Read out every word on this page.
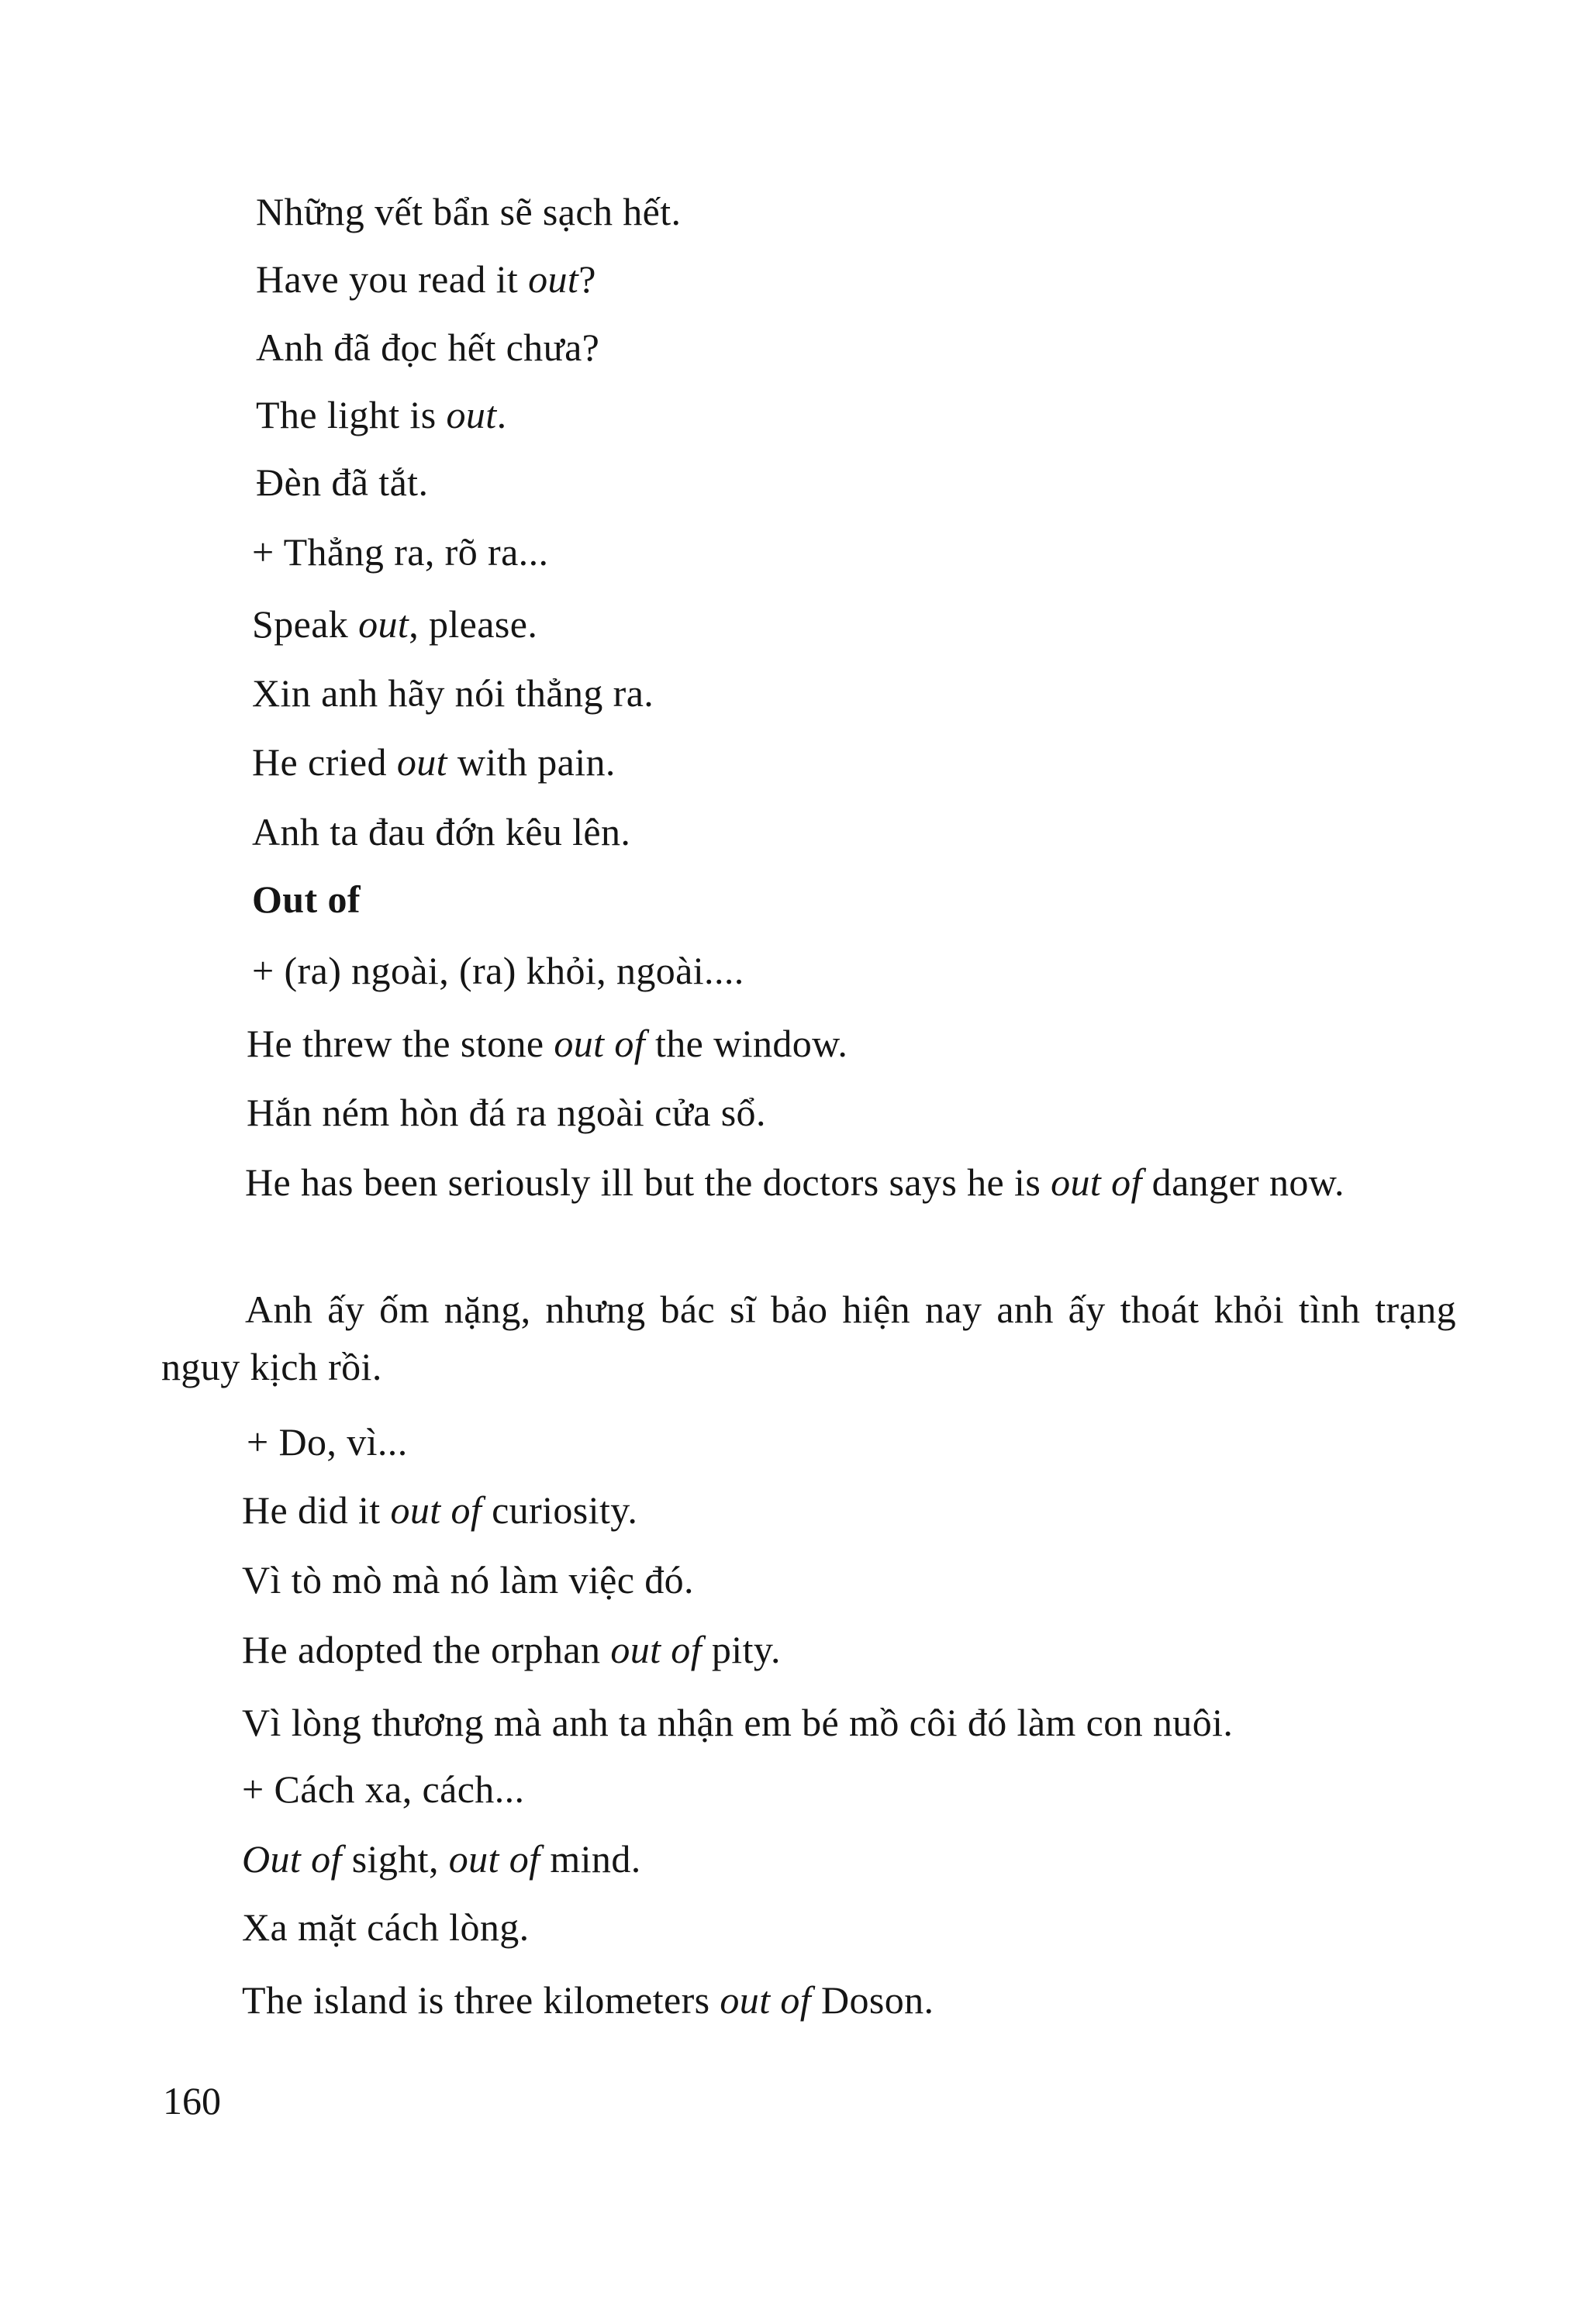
Những vết bẩn sẽ sạch hết.
Have you read it out?
Anh đã đọc hết chưa?
The light is out.
Đèn đã tắt.
+ Thẳng ra, rõ ra...
Speak out, please.
Xin anh hãy nói thẳng ra.
He cried out with pain.
Anh ta đau đớn kêu lên.
Out of
+ (ra) ngoài, (ra) khỏi, ngoài....
He threw the stone out of the window.
Hắn ném hòn đá ra ngoài cửa sổ.
He has been seriously ill but the doctors says he is out of danger now.
Anh ấy ốm nặng, nhưng bác sĩ bảo hiện nay anh ấy thoát khỏi tình trạng nguy kịch rồi.
+ Do, vì...
He did it out of curiosity.
Vì tò mò mà nó làm việc đó.
He adopted the orphan out of pity.
Vì lòng thương mà anh ta nhận em bé mồ côi đó làm con nuôi.
+ Cách xa, cách...
Out of sight, out of mind.
Xa mặt cách lòng.
The island is three kilometers out of Doson.
160
